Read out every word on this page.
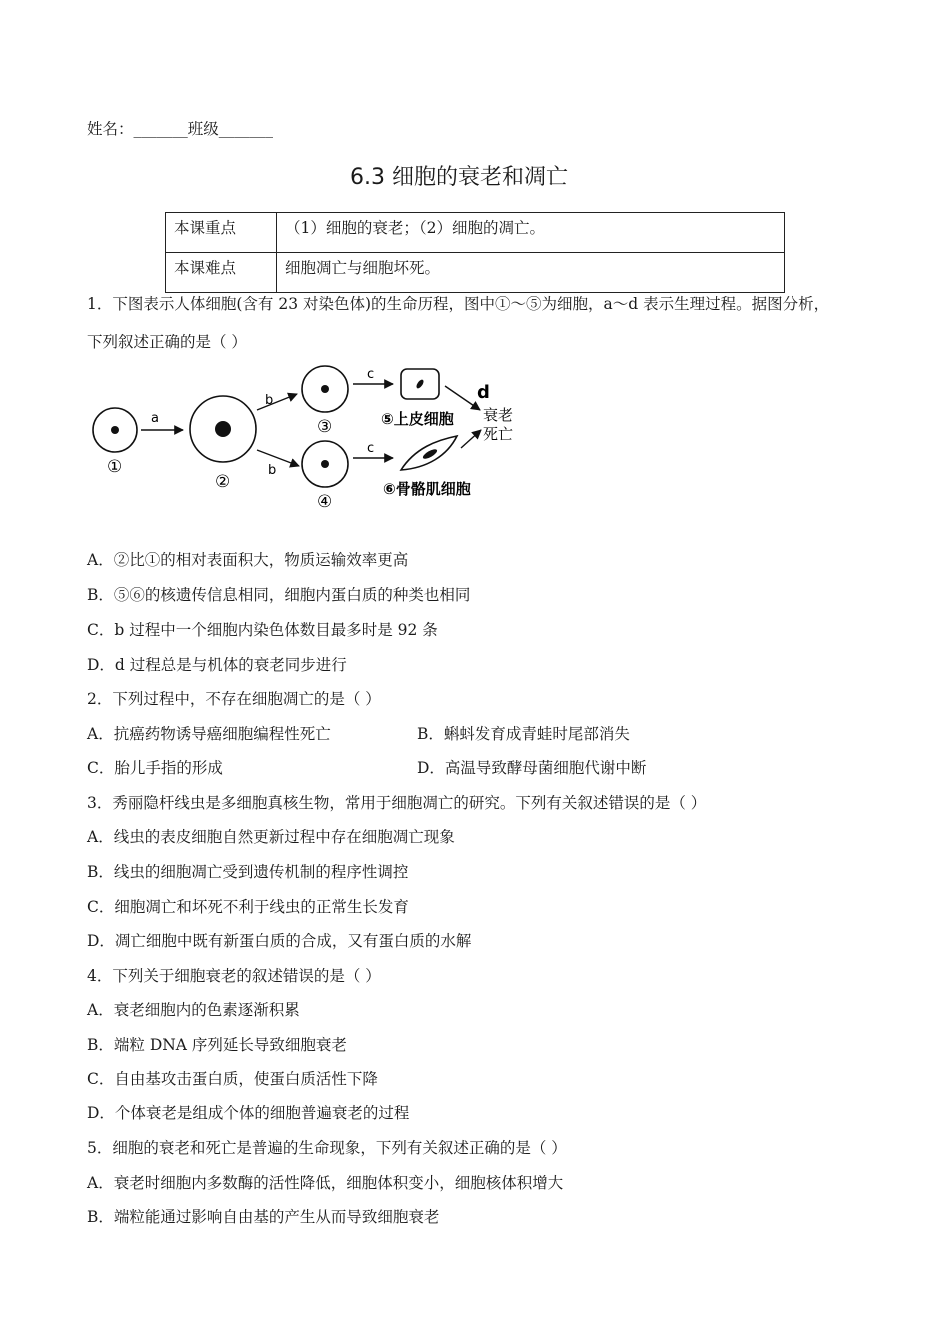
姓名：_______班级_______
6.3 细胞的衰老和凋亡
本课重点	（1）细胞的衰老；（2）细胞的凋亡。
本课难点	细胞凋亡与细胞坏死。
1．下图表示人体细胞(含有 23 对染色体)的生命历程，图中①～⑤为细胞，a～d 表示生理过程。据图分析，
下列叙述正确的是（ ）
①
a
②
b
b
③
④
c
c
⑤上皮细胞
⑥骨骼肌细胞
d
衰老
死亡
A．②比①的相对表面积大，物质运输效率更高
B．⑤⑥的核遗传信息相同，细胞内蛋白质的种类也相同
C．b 过程中一个细胞内染色体数目最多时是 92 条
D．d 过程总是与机体的衰老同步进行
2．下列过程中，不存在细胞凋亡的是（ ）
A．抗癌药物诱导癌细胞编程性死亡	B．蝌蚪发育成青蛙时尾部消失
C．胎儿手指的形成	D．高温导致酵母菌细胞代谢中断
3．秀丽隐杆线虫是多细胞真核生物，常用于细胞凋亡的研究。下列有关叙述错误的是（ ）
A．线虫的表皮细胞自然更新过程中存在细胞凋亡现象
B．线虫的细胞凋亡受到遗传机制的程序性调控
C．细胞凋亡和坏死不利于线虫的正常生长发育
D．凋亡细胞中既有新蛋白质的合成，又有蛋白质的水解
4．下列关于细胞衰老的叙述错误的是（ ）
A．衰老细胞内的色素逐渐积累
B．端粒 DNA 序列延长导致细胞衰老
C．自由基攻击蛋白质，使蛋白质活性下降
D．个体衰老是组成个体的细胞普遍衰老的过程
5．细胞的衰老和死亡是普遍的生命现象，下列有关叙述正确的是（ ）
A．衰老时细胞内多数酶的活性降低，细胞体积变小，细胞核体积增大
B．端粒能通过影响自由基的产生从而导致细胞衰老
